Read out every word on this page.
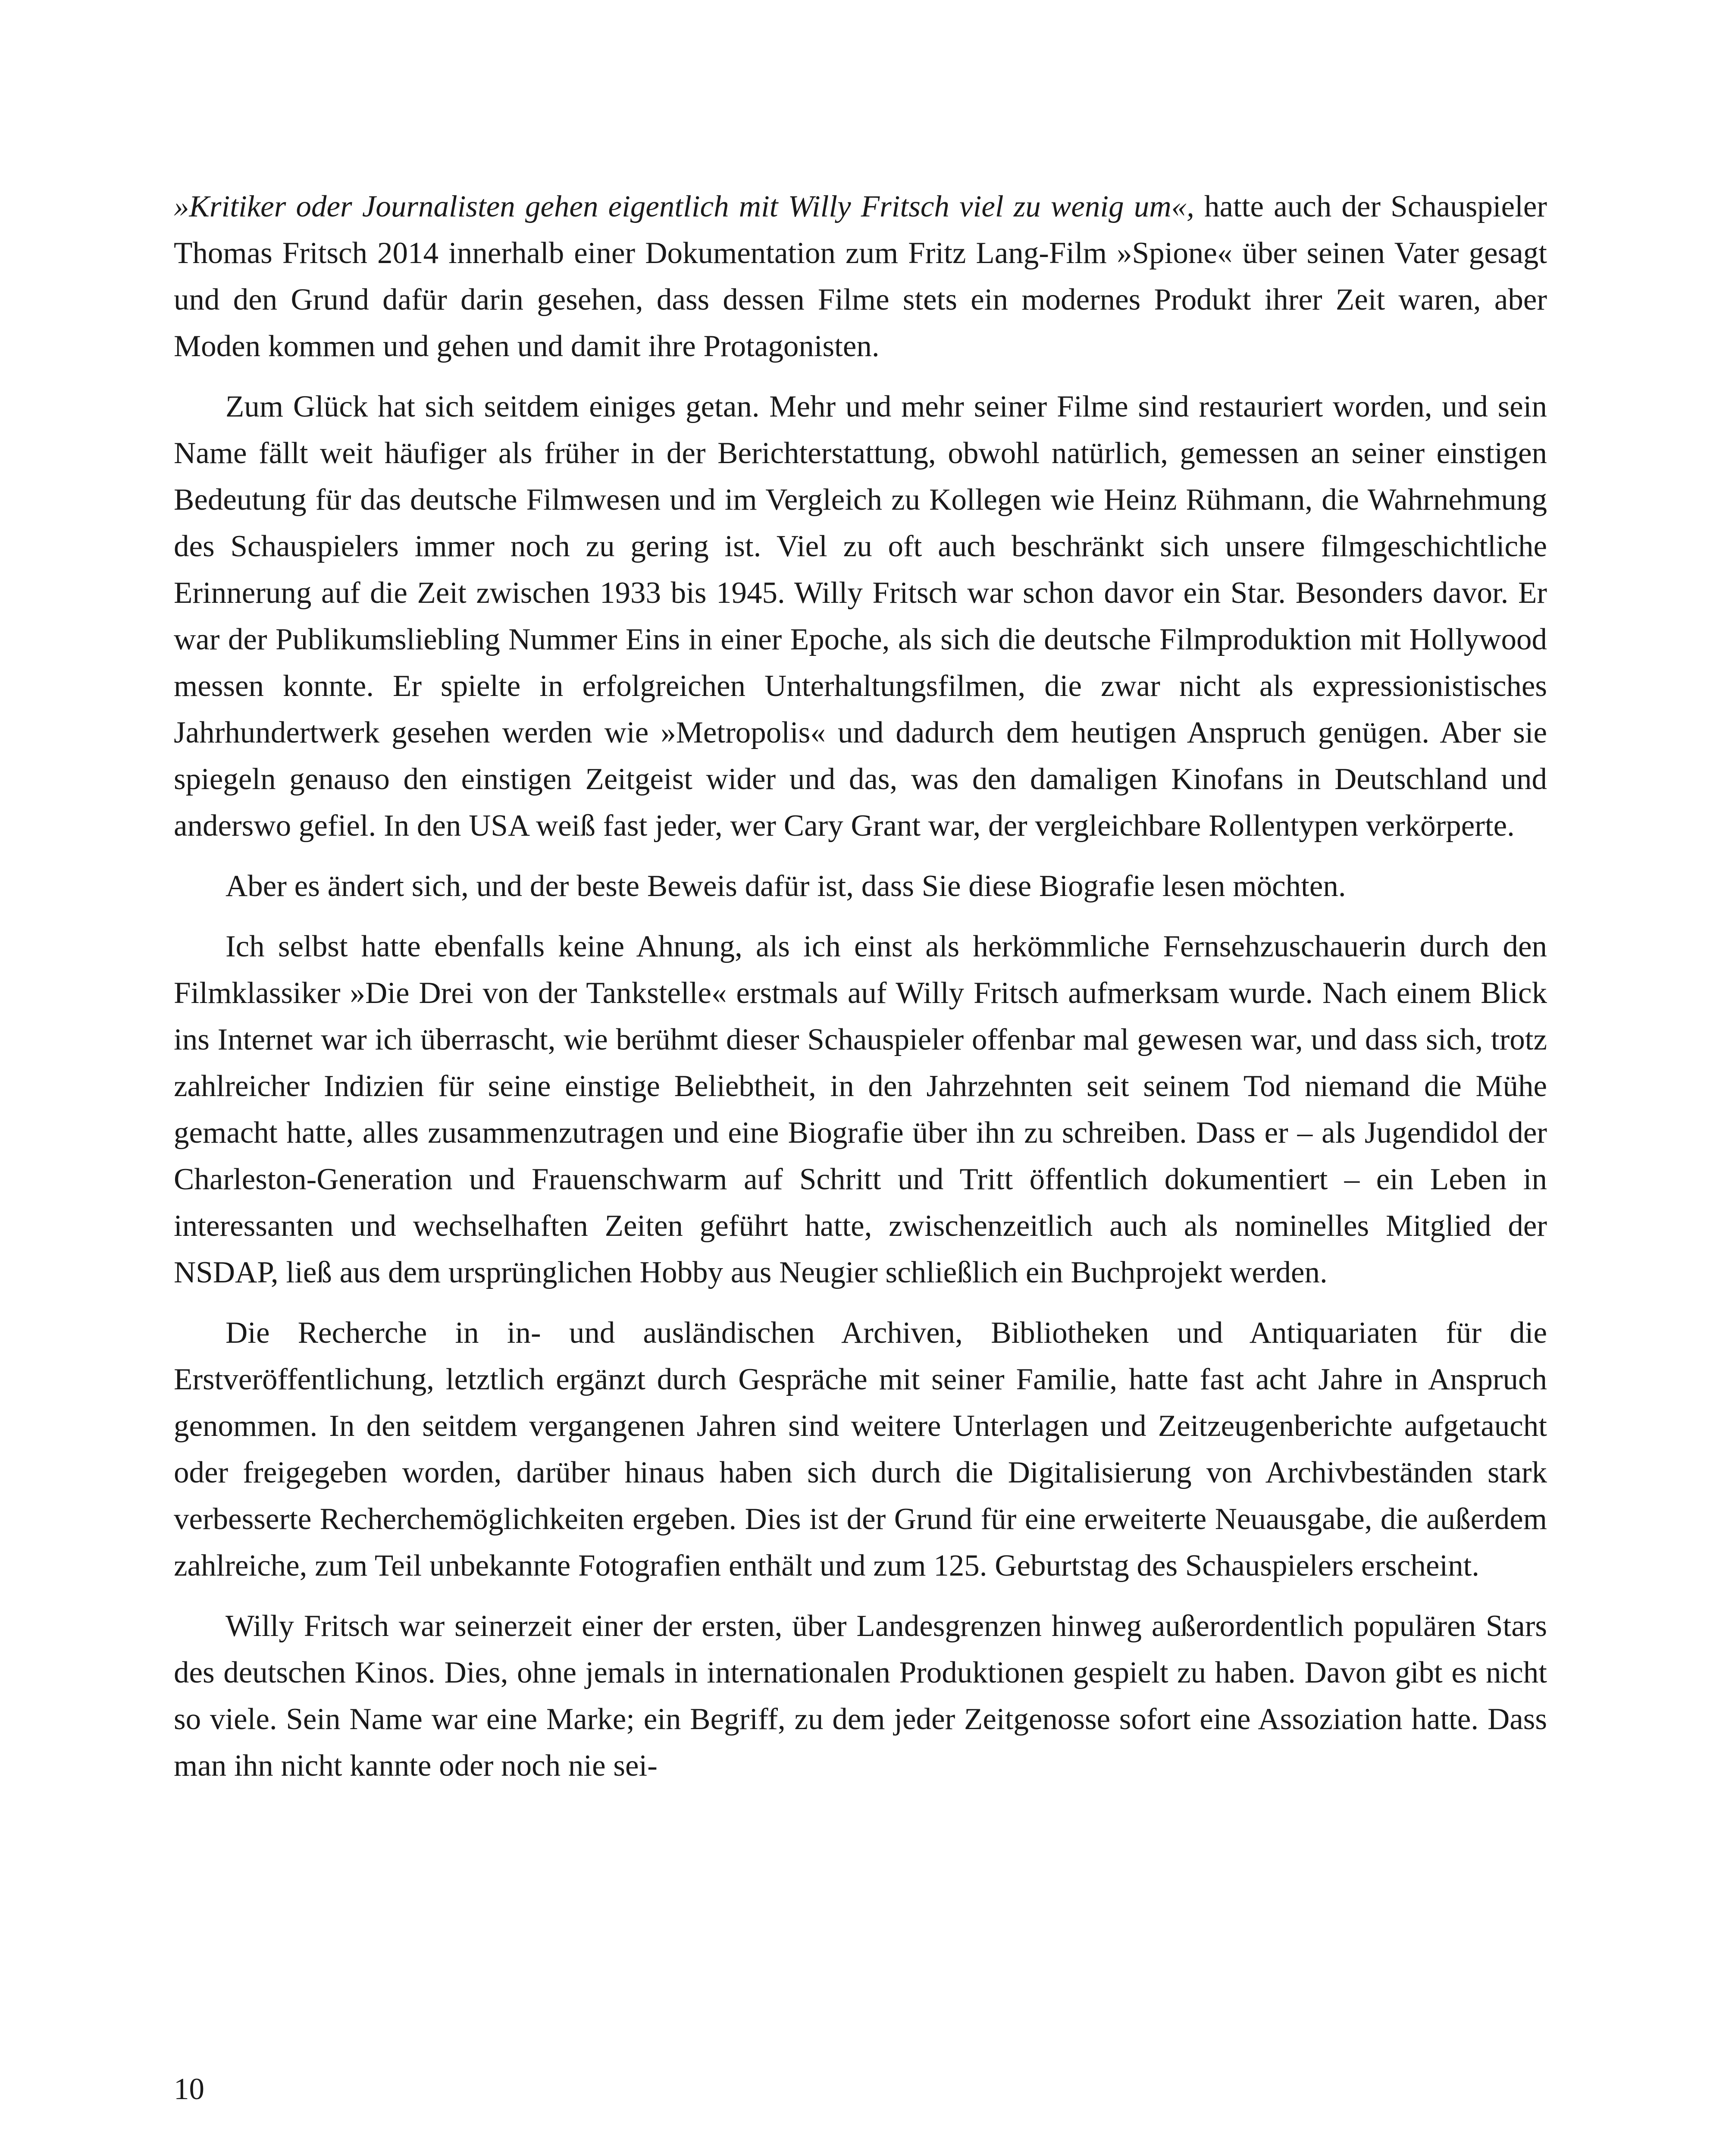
»Kritiker oder Journalisten gehen eigentlich mit Willy Fritsch viel zu wenig um«, hatte auch der Schauspieler Thomas Fritsch 2014 innerhalb einer Dokumentation zum Fritz Lang-Film »Spione« über seinen Vater gesagt und den Grund dafür darin gesehen, dass dessen Filme stets ein modernes Produkt ihrer Zeit waren, aber Moden kommen und gehen und damit ihre Protagonisten.

Zum Glück hat sich seitdem einiges getan. Mehr und mehr seiner Filme sind restauriert worden, und sein Name fällt weit häufiger als früher in der Berichterstattung, obwohl natürlich, gemessen an seiner einstigen Bedeutung für das deutsche Filmwesen und im Vergleich zu Kollegen wie Heinz Rühmann, die Wahrnehmung des Schauspielers immer noch zu gering ist. Viel zu oft auch beschränkt sich unsere filmgeschichtliche Erinnerung auf die Zeit zwischen 1933 bis 1945. Willy Fritsch war schon davor ein Star. Besonders davor. Er war der Publikumsliebling Nummer Eins in einer Epoche, als sich die deutsche Filmproduktion mit Hollywood messen konnte. Er spielte in erfolgreichen Unterhaltungsfilmen, die zwar nicht als expressionistisches Jahrhundertwerk gesehen werden wie »Metropolis« und dadurch dem heutigen Anspruch genügen. Aber sie spiegeln genauso den einstigen Zeitgeist wider und das, was den damaligen Kinofans in Deutschland und anderswo gefiel. In den USA weiß fast jeder, wer Cary Grant war, der vergleichbare Rollentypen verkörperte.

Aber es ändert sich, und der beste Beweis dafür ist, dass Sie diese Biografie lesen möchten.

Ich selbst hatte ebenfalls keine Ahnung, als ich einst als herkömmliche Fernsehzuschauerin durch den Filmklassiker »Die Drei von der Tankstelle« erstmals auf Willy Fritsch aufmerksam wurde. Nach einem Blick ins Internet war ich überrascht, wie berühmt dieser Schauspieler offenbar mal gewesen war, und dass sich, trotz zahlreicher Indizien für seine einstige Beliebtheit, in den Jahrzehnten seit seinem Tod niemand die Mühe gemacht hatte, alles zusammenzutragen und eine Biografie über ihn zu schreiben. Dass er – als Jugendidol der Charleston-Generation und Frauenschwarm auf Schritt und Tritt öffentlich dokumentiert – ein Leben in interessanten und wechselhaften Zeiten geführt hatte, zwischenzeitlich auch als nominelles Mitglied der NSDAP, ließ aus dem ursprünglichen Hobby aus Neugier schließlich ein Buchprojekt werden.

Die Recherche in in- und ausländischen Archiven, Bibliotheken und Antiquariaten für die Erstveröffentlichung, letztlich ergänzt durch Gespräche mit seiner Familie, hatte fast acht Jahre in Anspruch genommen. In den seitdem vergangenen Jahren sind weitere Unterlagen und Zeitzeugenberichte aufgetaucht oder freigegeben worden, darüber hinaus haben sich durch die Digitalisierung von Archivbeständen stark verbesserte Recherchemöglichkeiten ergeben. Dies ist der Grund für eine erweiterte Neuausgabe, die außerdem zahlreiche, zum Teil unbekannte Fotografien enthält und zum 125. Geburtstag des Schauspielers erscheint.

Willy Fritsch war seinerzeit einer der ersten, über Landesgrenzen hinweg außerordentlich populären Stars des deutschen Kinos. Dies, ohne jemals in internationalen Produktionen gespielt zu haben. Davon gibt es nicht so viele. Sein Name war eine Marke; ein Begriff, zu dem jeder Zeitgenosse sofort eine Assoziation hatte. Dass man ihn nicht kannte oder noch nie sei-

10
